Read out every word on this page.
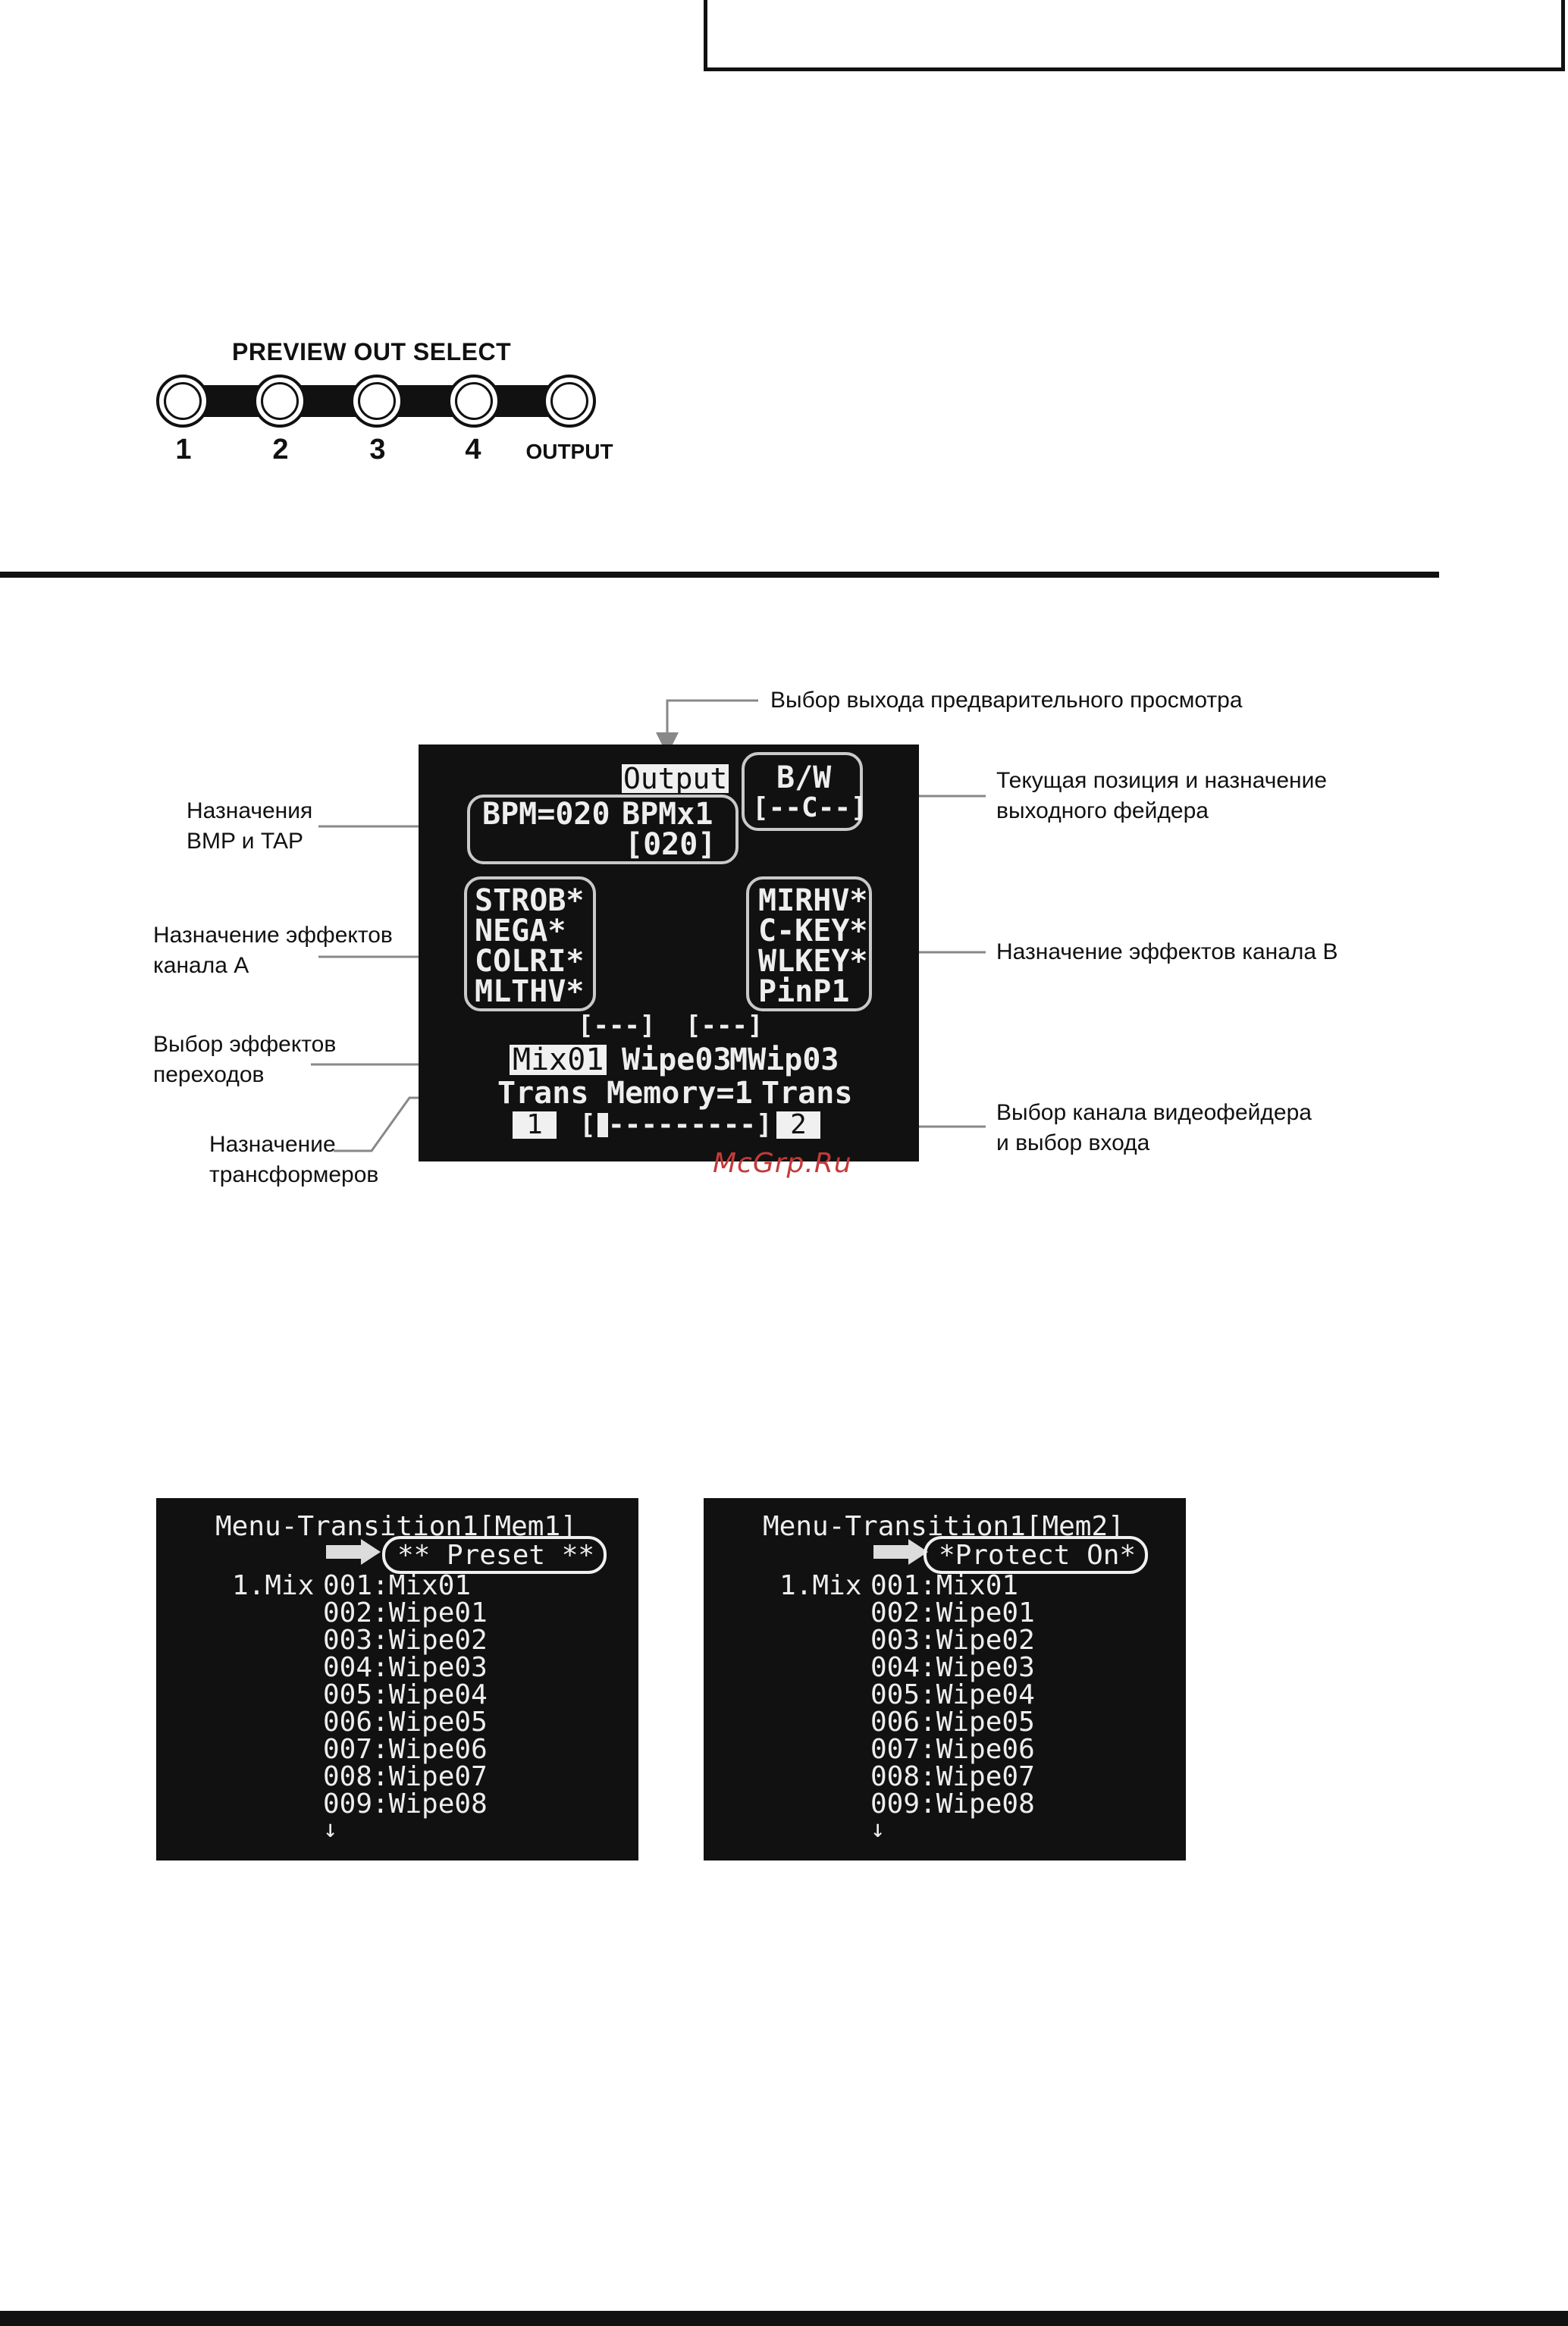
PREVIEW OUT SELECT
1	2	3	4	OUTPUT
Output B/W
[--C--]
BPM=020 BPMx1
[020]
STROB*
NEGA*
COLRI*
MLTHV*
MIRHV*
C-KEY*
WLKEY*
PinP1
[---] [---]
Mix01 Wipe03
MWip03
Trans Memory=1 Trans
1	[ ---------] 2
Выбор выхода предварительного просмотра
Текущая позиция и назначение
выходного фейдера
Назначения
BMP и TAP
Назначение эффектов
канала A
Назначение эффектов канала B
Выбор эффектов
переходов
Назначение
трансформеров
Выбор канала видеофейдера
и выбор входа
McGrp.Ru
Menu-Transition1[Mem1]
** Preset **
1.Mix 001:Mix01
002:Wipe01
003:Wipe02
004:Wipe03
005:Wipe04
006:Wipe05
007:Wipe06
008:Wipe07
009:Wipe08
↓
Menu-Transition1[Mem2]
*Protect On*
1.Mix 001:Mix01
002:Wipe01
003:Wipe02
004:Wipe03
005:Wipe04
006:Wipe05
007:Wipe06
008:Wipe07
009:Wipe08
↓
